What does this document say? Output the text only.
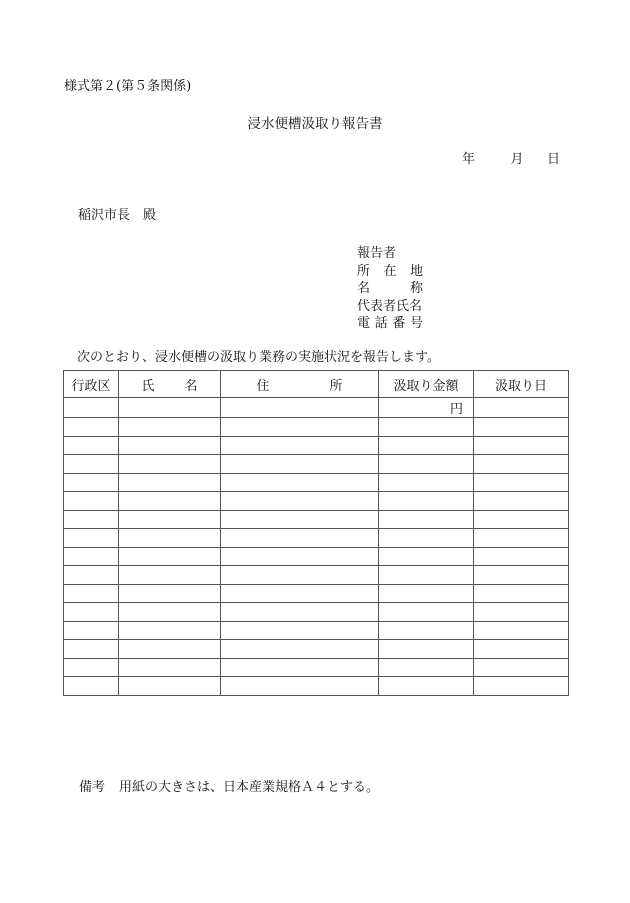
様式第２(第５条関係)
浸水便槽汲取り報告書
年	月 日
稲沢市長　殿
報告者
所 在 地
名	称
代表者氏名
電 話 番 号
次のとおり、浸水便槽の汲取り業務の実施状況を報告します。
行政区	氏 名	住 所	汲取り金額	汲取り日
			円	

備考 用紙の大きさは、日本産業規格Ａ４とする。
